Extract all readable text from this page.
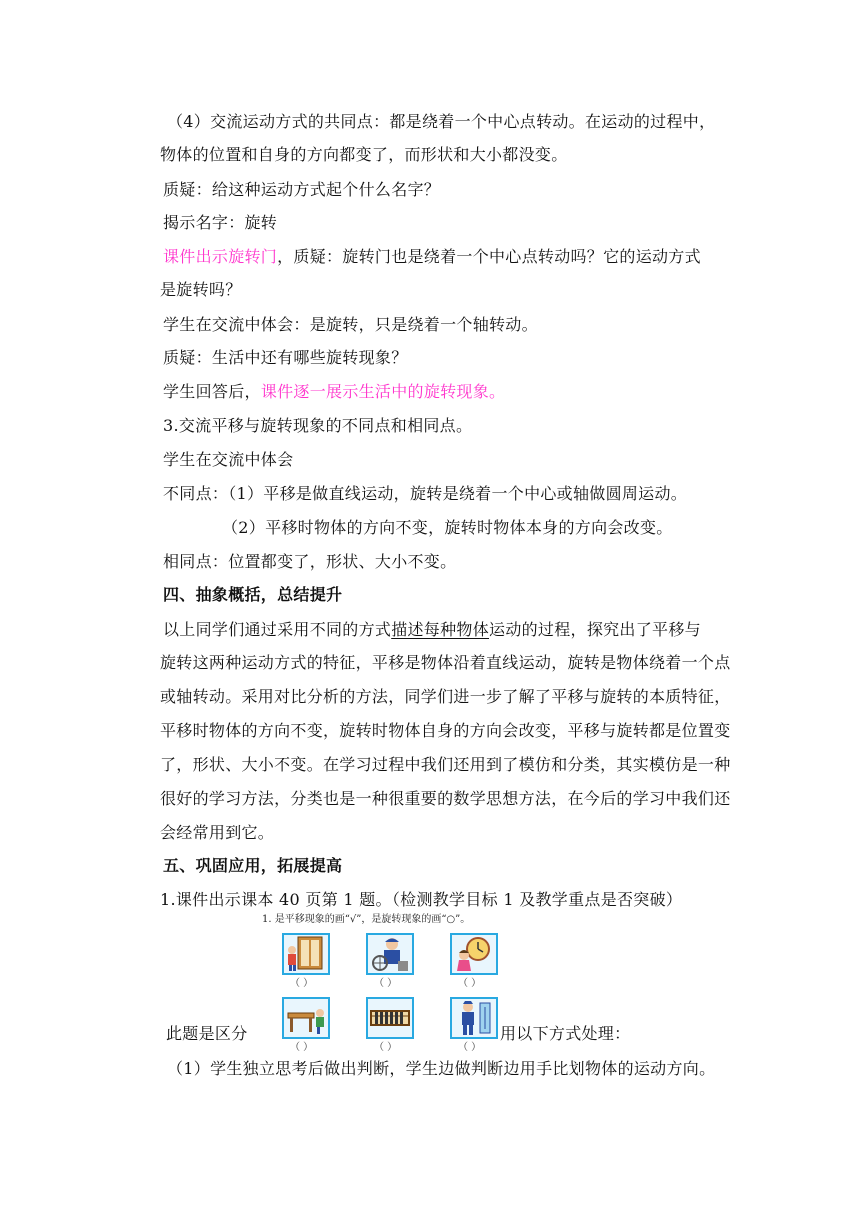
（4）交流运动方式的共同点：都是绕着一个中心点转动。在运动的过程中，
物体的位置和自身的方向都变了，而形状和大小都没变。
质疑：给这种运动方式起个什么名字？
揭示名字：旋转
课件出示旋转门，质疑：旋转门也是绕着一个中心点转动吗？它的运动方式
是旋转吗？
学生在交流中体会：是旋转，只是绕着一个轴转动。
质疑：生活中还有哪些旋转现象？
学生回答后，课件逐一展示生活中的旋转现象。
3.交流平移与旋转现象的不同点和相同点。
学生在交流中体会
不同点：（1）平移是做直线运动，旋转是绕着一个中心或轴做圆周运动。
（2）平移时物体的方向不变，旋转时物体本身的方向会改变。
相同点：位置都变了，形状、大小不变。
四、抽象概括，总结提升
以上同学们通过采用不同的方式描述每种物体运动的过程，探究出了平移与
旋转这两种运动方式的特征，平移是物体沿着直线运动，旋转是物体绕着一个点
或轴转动。采用对比分析的方法，同学们进一步了解了平移与旋转的本质特征，
平移时物体的方向不变，旋转时物体自身的方向会改变，平移与旋转都是位置变
了，形状、大小不变。在学习过程中我们还用到了模仿和分类，其实模仿是一种
很好的学习方法，分类也是一种很重要的数学思想方法，在今后的学习中我们还
会经常用到它。
五、巩固应用，拓展提高
1.课件出示课本 40 页第 1 题。（检测教学目标 1 及教学重点是否突破）
1. 是平移现象的画“√”，是旋转现象的画“○”。
此题是区分	用以下方式处理：
（ ）	（ ）	（ ）
（ ）	（ ）	（ ）
（1）学生独立思考后做出判断，学生边做判断边用手比划物体的运动方向。
